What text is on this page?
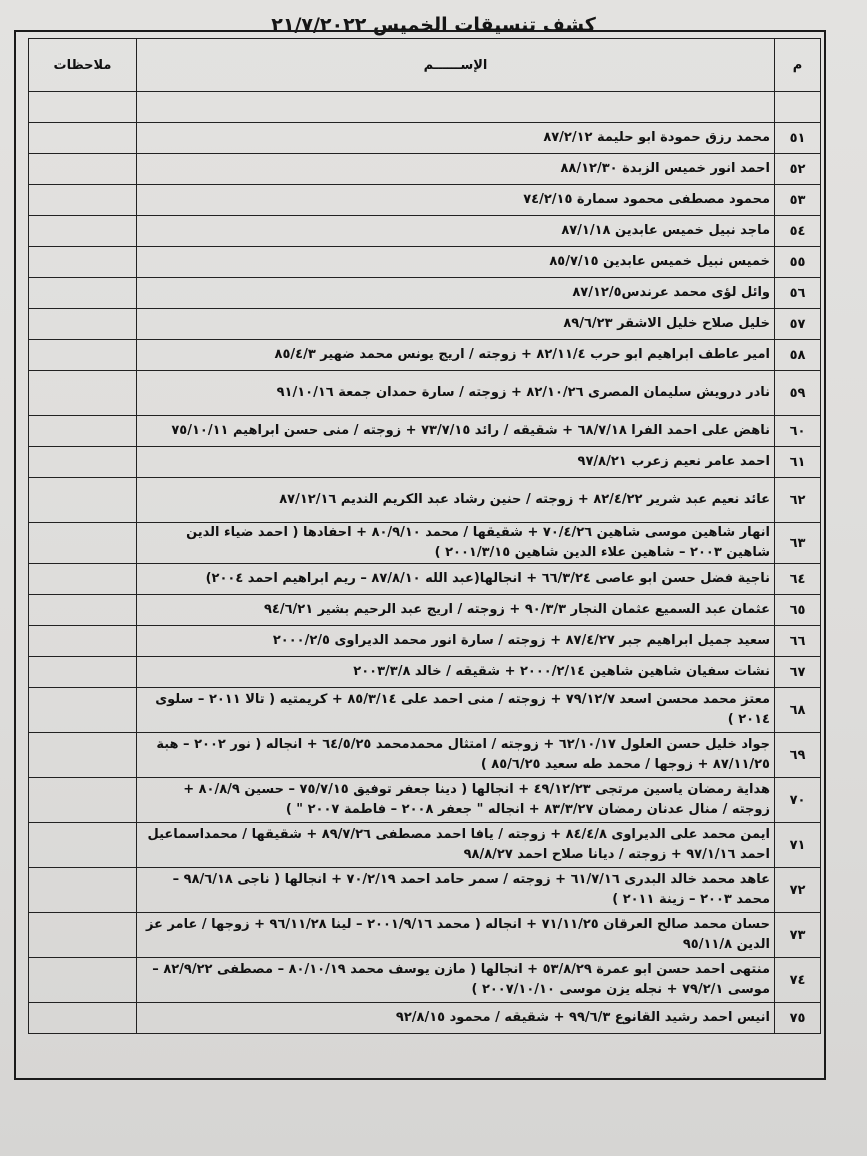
كشف تنسيقات الخميس ٢١/٧/٢٠٢٢
م	الإســــــم	ملاحظات

٥١	محمد رزق حمودة ابو حليمة ٨٧/٢/١٢	
٥٢	احمد انور خميس الزبدة ٨٨/١٢/٣٠	
٥٣	محمود مصطفى محمود سمارة ٧٤/٢/١٥	
٥٤	ماجد نبيل خميس عابدين ٨٧/١/١٨	
٥٥	خميس نبيل خميس عابدين ٨٥/٧/١٥	
٥٦	وائل لؤى محمد عرندس٨٧/١٢/٥	
٥٧	خليل صلاح خليل الاشقر ٨٩/٦/٢٣	
٥٨	امير عاطف ابراهيم ابو حرب ٨٢/١١/٤ + زوجته / اريج يونس محمد ضهير ٨٥/٤/٣	
٥٩	نادر درويش سليمان المصرى ٨٢/١٠/٢٦ + زوجته / سارة حمدان جمعة ٩١/١٠/١٦	
٦٠	ناهض على احمد الفرا ٦٨/٧/١٨ + شقيقه / رائد ٧٣/٧/١٥ + زوجته / منى حسن ابراهيم ٧٥/١٠/١١	
٦١	احمد عامر نعيم زعرب ٩٧/٨/٢١	
٦٢	عائد نعيم عبد شرير ٨٢/٤/٢٢ + زوجته / حنين رشاد عبد الكريم النديم ٨٧/١٢/١٦	
٦٣	انهار شاهين موسى شاهين ٧٠/٤/٢٦ + شقيقها / محمد ٨٠/٩/١٠ + احفادها ( احمد ضياء الدين شاهين ٢٠٠٣ – شاهين علاء الدين شاهين ٢٠٠١/٣/١٥ )	
٦٤	ناجية فضل حسن ابو عاصى ٦٦/٣/٢٤ + انجالها(عبد الله ٨٧/٨/١٠ – ريم ابراهيم احمد ٢٠٠٤)	
٦٥	عثمان عبد السميع عثمان النجار ٩٠/٣/٣ + زوجته / اريج عبد الرحيم بشير ٩٤/٦/٢١	
٦٦	سعيد جميل ابراهيم جبر ٨٧/٤/٢٧ + زوجته / سارة انور محمد الديراوى ٢٠٠٠/٢/٥	
٦٧	نشات سفيان شاهين شاهين ٢٠٠٠/٢/١٤ + شقيقه / خالد ٢٠٠٣/٣/٨	
٦٨	معتز محمد محسن اسعد ٧٩/١٢/٧ + زوجته / منى احمد على ٨٥/٣/١٤ + كريمتيه ( تالا ٢٠١١ – سلوى ٢٠١٤ )	
٦٩	جواد خليل حسن العلول ٦٢/١٠/١٧ + زوجته / امتثال محمدمحمد ٦٤/٥/٢٥ + انجاله ( نور ٢٠٠٢ – هبة ٨٧/١١/٢٥ + زوجها / محمد طه سعيد ٨٥/٦/٢٥ )	
٧٠	هداية رمضان ياسين مرتجى ٤٩/١٢/٢٣ + انجالها ( دينا جعفر توفيق ٧٥/٧/١٥ – حسين ٨٠/٨/٩ + زوجته / منال عدنان رمضان ٨٣/٣/٢٧ + انجاله " جعفر ٢٠٠٨ – فاطمة ٢٠٠٧ " )	
٧١	ايمن محمد على الديراوى ٨٤/٤/٨ + زوجته / يافا احمد مصطفى ٨٩/٧/٢٦ + شقيقها / محمداسماعيل احمد ٩٧/١/١٦ + زوجته / ديانا صلاح احمد ٩٨/٨/٢٧	
٧٢	عاهد محمد خالد البدرى ٦١/٧/١٦ + زوجته / سمر حامد احمد ٧٠/٢/١٩ + انجالها ( ناجى ٩٨/٦/١٨ – محمد ٢٠٠٣ – زينة ٢٠١١ )	
٧٣	حسان محمد صالح العرقان ٧١/١١/٢٥ + انجاله ( محمد ٢٠٠١/٩/١٦ – لينا ٩٦/١١/٢٨ + زوجها / عامر عز الدين ٩٥/١١/٨	
٧٤	منتهى احمد حسن ابو عمرة ٥٣/٨/٢٩ + انجالها ( مازن يوسف محمد ٨٠/١٠/١٩ – مصطفى ٨٢/٩/٢٢ – موسى ٧٩/٢/١ + نجله يزن موسى ٢٠٠٧/١٠/١٠ )	
٧٥	انيس احمد رشيد القانوع ٩٩/٦/٣ + شقيقه / محمود ٩٢/٨/١٥	
